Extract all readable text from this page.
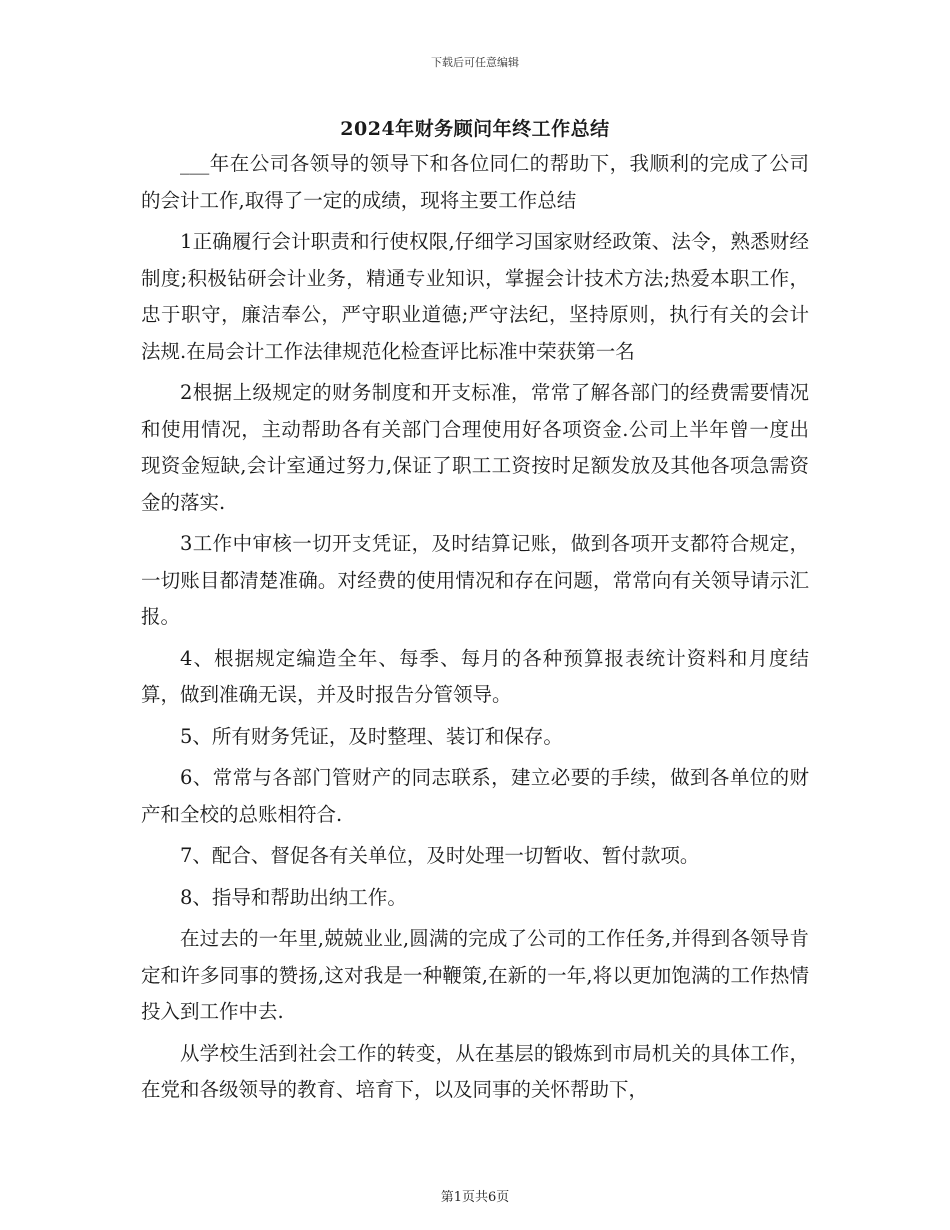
下载后可任意编辑
2024年财务顾问年终工作总结

___年在公司各领导的领导下和各位同仁的帮助下，我顺利的完成了公司的会计工作,取得了一定的成绩，现将主要工作总结

1正确履行会计职责和行使权限,仔细学习国家财经政策、法令，熟悉财经制度;积极钻研会计业务，精通专业知识，掌握会计技术方法;热爱本职工作，忠于职守，廉洁奉公，严守职业道德;严守法纪，坚持原则，执行有关的会计法规.在局会计工作法律规范化检查评比标准中荣获第一名

2根据上级规定的财务制度和开支标准，常常了解各部门的经费需要情况和使用情况，主动帮助各有关部门合理使用好各项资金.公司上半年曾一度出现资金短缺,会计室通过努力,保证了职工工资按时足额发放及其他各项急需资金的落实.

3工作中审核一切开支凭证，及时结算记账，做到各项开支都符合规定，一切账目都清楚准确。对经费的使用情况和存在问题，常常向有关领导请示汇报。

4、根据规定编造全年、每季、每月的各种预算报表统计资料和月度结算，做到准确无误，并及时报告分管领导。

5、所有财务凭证，及时整理、装订和保存。

6、常常与各部门管财产的同志联系，建立必要的手续，做到各单位的财产和全校的总账相符合.

7、配合、督促各有关单位，及时处理一切暂收、暂付款项。

8、指导和帮助出纳工作。

在过去的一年里,兢兢业业,圆满的完成了公司的工作任务,并得到各领导肯定和许多同事的赞扬,这对我是一种鞭策,在新的一年,将以更加饱满的工作热情投入到工作中去.

从学校生活到社会工作的转变，从在基层的锻炼到市局机关的具体工作，在党和各级领导的教育、培育下，以及同事的关怀帮助下，

第1页共6页
